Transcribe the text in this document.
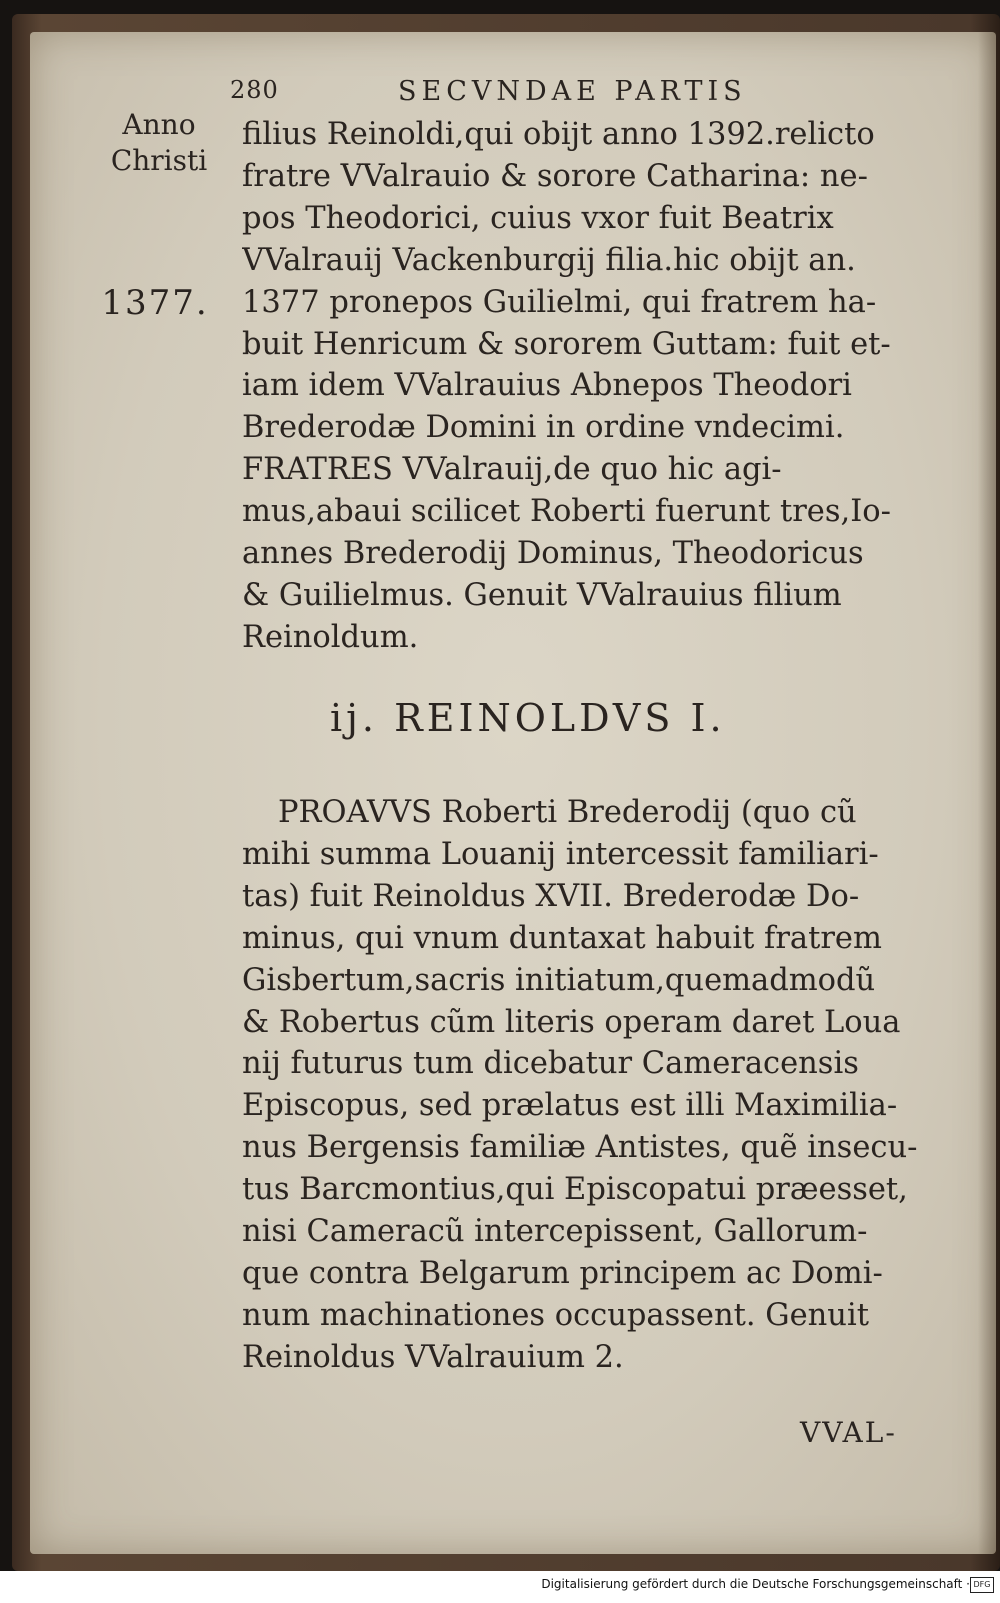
280	SECVNDAE PARTIS
Anno
Christi
1377.
filius Reinoldi,qui obijt anno 1392.relicto
fratre VValrauio & sorore Catharina: ne-
pos Theodorici, cuius vxor fuit Beatrix
VValrauij Vackenburgij filia.hic obijt an.
1377 pronepos Guilielmi, qui fratrem ha-
buit Henricum & sororem Guttam: fuit et-
iam idem VValrauius Abnepos Theodori
Brederodæ Domini in ordine vndecimi.
FRATRES VValrauij,de quo hic agi-
mus,abaui scilicet Roberti fuerunt tres,Io-
annes Brederodij Dominus, Theodoricus
& Guilielmus. Genuit VValrauius filium
Reinoldum.
ij. REINOLDVS I.
PROAVVS Roberti Brederodij (quo cũ
mihi summa Louanij intercessit familiari-
tas) fuit Reinoldus XVII. Brederodæ Do-
minus, qui vnum duntaxat habuit fratrem
Gisbertum,sacris initiatum,quemadmodũ
& Robertus cũm literis operam daret Loua
nij futurus tum dicebatur Cameracensis
Episcopus, sed prælatus est illi Maximilia-
nus Bergensis familiæ Antistes, quẽ insecu-
tus Barcmontius,qui Episcopatui præesset,
nisi Cameracũ intercepissent, Gallorum-
que contra Belgarum principem ac Domi-
num machinationes occupassent. Genuit
Reinoldus VValrauium 2.
VVAL-
Digitalisierung gefördert durch die Deutsche Forschungsgemeinschaft · DFG
